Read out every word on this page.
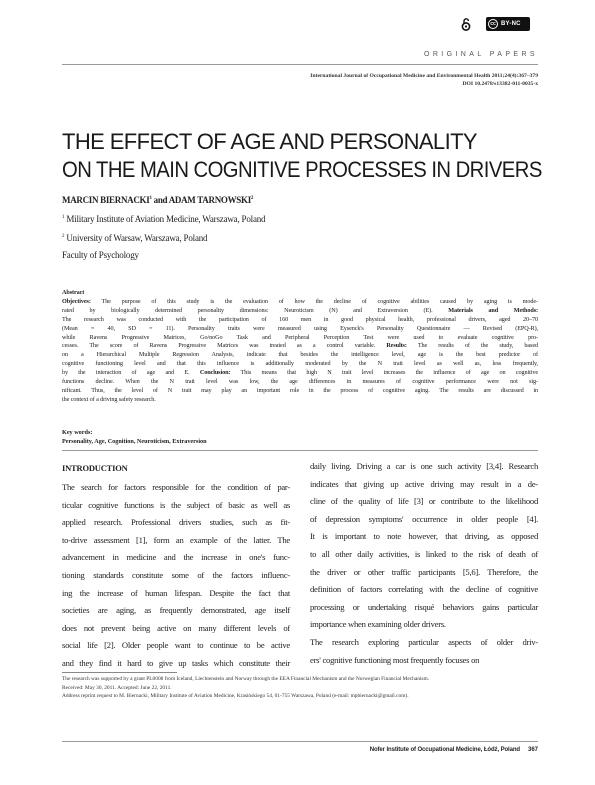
cc BY-NC
ORIGINAL PAPERS
International Journal of Occupational Medicine and Environmental Health 2011;24(4):367–379
DOI 10.2478/s13382-011-0035-x
THE EFFECT OF AGE AND PERSONALITY
ON THE MAIN COGNITIVE PROCESSES IN DRIVERS
MARCIN BIERNACKI$^1$ and ADAM TARNOWSKI$^2$
$^1$ Military Institute of Aviation Medicine, Warszawa, Poland
$^2$ University of Warsaw, Warszawa, Poland
Faculty of Psychology
Abstract
Objectives: The purpose of this study is the evaluation of how the decline of cognitive abilities caused by aging is mode-
rated by biologically determined personality dimensions: Neuroticism (N) and Extraversion (E). Materials and Methods:
The research was conducted with the participation of 160 men in good physical health, professional drivers, aged 20–70
(Mean = 40, SD = 11). Personality traits were measured using Eysenck's Personality Questionnaire — Revised (EPQ-R),
while Ravens Progressive Matrices, Go/noGo Task and Peripheral Perception Test were used to evaluate cognitive pro-
cesses. The score of Ravens Progressive Matrices was treated as a control variable. Results: The results of the study, based
on a Hierarchical Multiple Regression Analysis, indicate that besides the intelligence level, age is the best predictor of
cognitive functioning level and that this influence is additionally moderated by the N trait level as well as, less frequently,
by the interaction of age and E. Conclusion: This means that high N trait level increases the influence of age on cognitive
functions decline. When the N trait level was low, the age differences in measures of cognitive performance were not sig-
nificant. Thus, the level of N trait may play an important role in the process of cognitive aging. The results are discussed in
the context of a driving safety research.
Key words:
Personality, Age, Cognition, Neuroticism, Extraversion
INTRODUCTION
The search for factors responsible for the condition of par-
ticular cognitive functions is the subject of basic as well as
applied research. Professional drivers studies, such as fit-
to-drive assessment [1], form an example of the latter. The
advancement in medicine and the increase in one's func-
tioning standards constitute some of the factors influenc-
ing the increase of human lifespan. Despite the fact that
societies are aging, as frequently demonstrated, age itself
does not prevent being active on many different levels of
social life [2]. Older people want to continue to be active
and they find it hard to give up tasks which constitute their
daily living. Driving a car is one such activity [3,4]. Research
indicates that giving up active driving may result in a de-
cline of the quality of life [3] or contribute to the likelihood
of depression symptoms' occurrence in older people [4].
It is important to note however, that driving, as opposed
to all other daily activities, is linked to the risk of death of
the driver or other traffic participants [5,6]. Therefore, the
definition of factors correlating with the decline of cognitive
processing or undertaking risqué behaviors gains particular
importance when examining older drivers.
The research exploring particular aspects of older driv-
ers' cognitive functioning most frequently focuses on
The research was supported by a grant PL0008 from Iceland, Liechtenstein and Norway through the EEA Financial Mechanism and the Norwegian Financial Mechanism.
Received: May 30, 2011. Accepted: June 22, 2011.
Address reprint request to M. Biernacki, Military Institute of Aviation Medicine, Krasińskiego 54, 01-755 Warszawa, Poland (e-mail: mpbiernacki@gmail.com).
Nofer Institute of Occupational Medicine, Łódź, Poland 367
